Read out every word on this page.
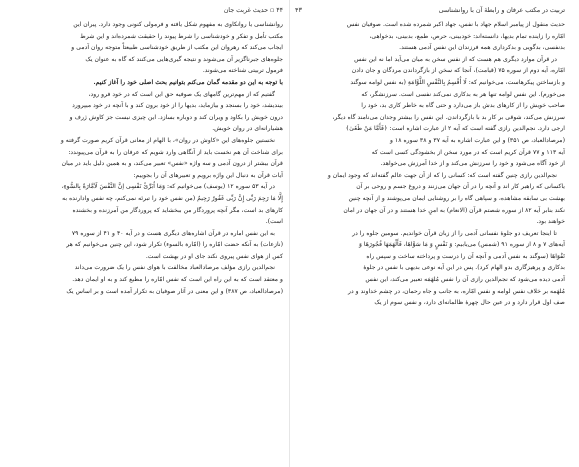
۴۴ ▫ حدیث غربت جان

روانشناسی یا روانکاوی به مفهوم شکل یافته و فرمولی کنونی وجود دارد. پیران این

مکتب تأمل و تفکر و خودشناسی را شرط پیوند را حقیقت شمرده‌اند و این شرط

ایجاب می‌کند که رهروان این مکتب از طریق خودشناسی طبیعتاً متوجه روان آدمی و

جلوه‌های جبرناگزیر آن می‌شوند و نتیجه گیری‌هایی می‌کنند که گاه به عنوان یک

فرمول تربیتی شناخته می‌شوند.

با توجه به این دو مقدمه گمان می‌کنم بتوانیم بحث اصلی خود را آغاز کنیم.

گفتیم که از مهم‌ترین گامهای یک صوفیه حق این است که در خود فرو رود،

بیندیشد، خود را بسنجد و بیازماید، بدیها را از خود برون کند و با آنچه در خود میپرورد

درون خویش را بکاود و ویران کند و دوباره بسازد. این چیزی نیست جز کاوش ژرف و

هشیارانه‌ای در روان خویش.

نخستین جلوه‌های این «کاوش در روان»، با الهام از معانی قرآن کریم صورت گرفته و

برای شناخت آن هم نخست باید از آنگاهی وارد شویم که عرفان را به قرآن می‌پیوندد:

قرآن بیشتر از درون آدمی و سه واژه «نفس» تعبیر می‌کند، و به همین دلیل باید در میان

آیات قرآن به دنبال این واژه برویم و تعبیرهای آن را بجوییم:

در آیه ۵۳ سوره ۱۲ (یوسف) می‌خوانیم که: وَمَا اُبَرِّئُ نَفْسِی اِنَّ النَّفْسَ لَاَمَّارَةٌ بِالسُّوءِ،

إِلَّا مَا رَحِمَ رَبِّی إِنَّ رَبِّی غَفُورٌ رَحِیمٌ (من نفس خود را تبرئه نمی‌کنم، چه نفس وادارنده به

کارهای بد است، مگر آنچه پروردگار من ببخشاید که پروردگار من آمرزنده و بخشنده

است).

به این نفس اماره در قرآن اشاره‌های دیگری هست و در آیه ۴۰ و ۴۱ از سوره ۷۹

(نازعات) به آنکه حضت امّاره را (امّارة بالسوء) تکرار شود، این چنین می‌خوانیم که هر

کس از هوای نفس پیروی نکند جای او در بهشت است.

نجم‌الدین رازی مؤلف مرصادالعباد مخالفت با هوای نفس را یک ضرورت می‌داند

و معتقد است که به این راه این است که نفس امّاره را مطیع کند و به او ایمان دهد.

(مرصادالعباد، ص ۳۸۷) و این معنی در آثار صوفیان به تکرار آمده است و بر اساس یک

تربیت در مکتب عرفان و رابطهٔ آن با روانشناسی
۴۳

حدیث منقول از پیامبر اسلام جهاد با نفس، جهاد اکبر شمرده شده است. صوفیان نفس

امّاره را زاینده تمام بدیها، دانسته‌اند: خودبینی، حرص، طمع، بدبینی، بدخواهی،

بدنفسی، بدگویی و بدکرداری همه فرزندان این نفس آدمی هستند.

در قرآن موارد دیگری هم هست که از نفس سخن به میان می‌آید اما نه این نفس

امّاره، آیه دوم از سوره ۷۵ (قیامت)، آنجا که سخن از بازگرداندن مردگان و جان دادن

و بازساختن پیکرهاست، می‌خوانیم که: لَا أُقْسِمُ بِالنَّفْسِ اللَّوَّامَةِ (به نفس لوامه سوگند

می‌خورم). این نفس لوامه تنها هر به بدکاری نمی‌کند نفسی است. سرزنشگر، که

صاحب خویش را از کارهای بدش باز می‌دارد و حتی گاه به خاطر کاری بد، خود را

سرزنش می‌کند، شوقی بر کار بد با بازگرداندن. این نفس را بیشتر وجدان می‌نامند گاه دیگر،

ارجی دارد. نجم‌الدین رازی گفته است که آیه ۲ از عبارت اشاره است: ﴿فَأَمَّا مَنْ طَغَىٰ﴾

(مرصادالعباد، ص ۳۵۱) و این عبارت اشاره به آیه ۳۷ و ۳۸ سوره ۱۸ و

آیه ۱۱۳ و ۷۷ قرآن کریم است که در مورد سخن از بخشودگی کسی است که

از خود آگاه می‌شود و خود را سرزنش می‌کند و از خدا آمرزش می‌خواهد.

نجم‌الدین رازی چنین گفته است که: کسانی را که از آن جهت عالم گفته‌اند که وجود ایمان و

یاکسانی که راهبر کار اند و آنچه را در آن جهان می‌زنند و دروغ جسم و روحی بر آن

بهشت بی سابقه مشاهده، و سپاهی گاه را بر روشنایی ایمان می‌پوشند و از آنچه چنین

نکند بنابر آیه ۸۲ از سوره شصتم قرآن (الانعام) به امنِ خدا هستند و در آن جهان در امان

خواهند بود.

تا اینجا تعریف دو جلوهٔ نفسانی آدمی را از زبان قرآن خواندیم. سومین جلوه را در

آیه‌های ۷ و ۸ از سوره ۹۱ (شمس) می‌یابیم: وَ نَفْسٍ وَ مَا سَوَّاهَا، فَأَلْهَمَهَا فُجُورَهَا وَ

تَقْوَاهَا (سوگند به نفس آدمی و آنچه آن را درست و پرداخته ساخت و سپس راه

بدکاری و پرهیزگاری بدو الهام کرد). پس در این آیه نوعی بدیهی با نفس در جلوهٔ

آدمی دیده می‌شود که نجم‌الدین رازی آن را نفس مُلهَمَه تعبیر می‌کند، این نفس

مُلهَمه بر خلاف نفس لوامه و نفس امّاره، به جانب و جاه رحمان، در چشم خداوند و در

صف اول قرار دارد و در عین حال چهرهٔ ظالمانه‌ای دارد، و نفس سوم از یک
